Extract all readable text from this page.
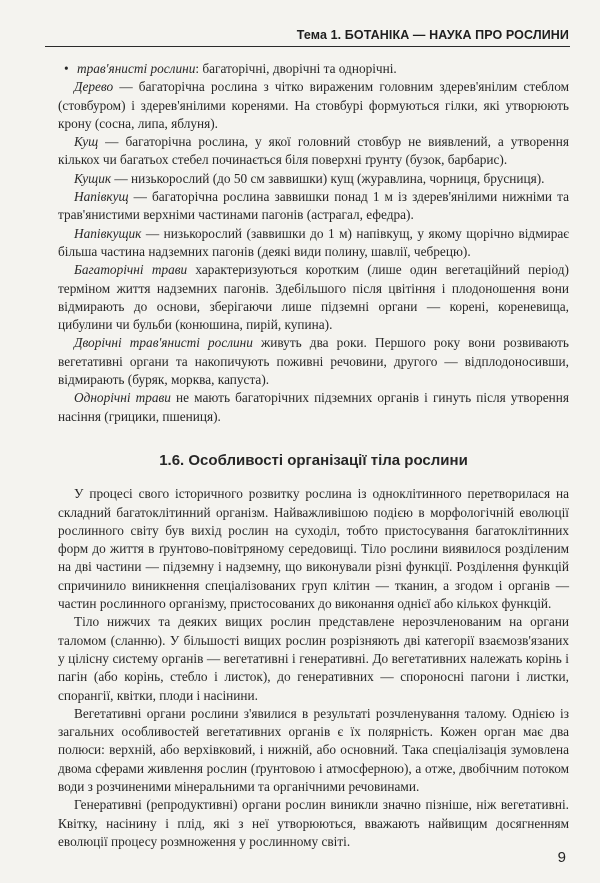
Тема 1. БОТАНІКА — НАУКА ПРО РОСЛИНИ

• трав'янисті рослини: багаторічні, дворічні та однорічні.

Дерево — багаторічна рослина з чітко вираженим головним здерев'янілим стеблом (стовбуром) і здерев'янілими коренями. На стовбурі формуються гілки, які утворюють крону (сосна, липа, яблуня).

Кущ — багаторічна рослина, у якої головний стовбур не виявлений, а утворення кількох чи багатьох стебел починається біля поверхні ґрунту (бузок, барбарис).

Кущик — низькорослий (до 50 см заввишки) кущ (журавлина, чорниця, брусниця).

Напівкущ — багаторічна рослина заввишки понад 1 м із здерев'янілими нижніми та трав'янистими верхніми частинами пагонів (астрагал, ефедра).

Напівкущик — низькорослий (заввишки до 1 м) напівкущ, у якому щорічно відмирає більша частина надземних пагонів (деякі види полину, шавлії, чебрецю).

Багаторічні трави характеризуються коротким (лише один вегетаційний період) терміном життя надземних пагонів. Здебільшого після цвітіння і плодоношення вони відмирають до основи, зберігаючи лише підземні органи — корені, кореневища, цибулини чи бульби (конюшина, пирій, купина).

Дворічні трав'янисті рослини живуть два роки. Першого року вони розвивають вегетативні органи та накопичують поживні речовини, другого — відплодоносивши, відмирають (буряк, морква, капуста).

Однорічні трави не мають багаторічних підземних органів і гинуть після утворення насіння (грицики, пшениця).

1.6. Особливості організації тіла рослини

У процесі свого історичного розвитку рослина із одноклітинного перетворилася на складний багатоклітинний організм. Найважливішою подією в морфологічній еволюції рослинного світу був вихід рослин на суходіл, тобто пристосування багатоклітинних форм до життя в ґрунтово-повітряному середовищі. Тіло рослини виявилося розділеним на дві частини — підземну і надземну, що виконували різні функції. Розділення функцій спричинило виникнення спеціалізованих груп клітин — тканин, а згодом і органів — частин рослинного організму, пристосованих до виконання однієї або кількох функцій.

Тіло нижчих та деяких вищих рослин представлене нерозчленованим на органи таломом (сланню). У більшості вищих рослин розрізняють дві категорії взаємозв'язаних у цілісну систему органів — вегетативні і генеративні. До вегетативних належать корінь і пагін (або корінь, стебло і листок), до генеративних — спороносні пагони і листки, спорангії, квітки, плоди і насінини.

Вегетативні органи рослини з'явилися в результаті розчленування талому. Однією із загальних особливостей вегетативних органів є їх полярність. Кожен орган має два полюси: верхній, або верхівковий, і нижній, або основний. Така спеціалізація зумовлена двома сферами живлення рослин (ґрунтовою і атмосферною), а отже, двобічним потоком води з розчиненими мінеральними та органічними речовинами.

Генеративні (репродуктивні) органи рослин виникли значно пізніше, ніж вегетативні. Квітку, насінину і плід, які з неї утворюються, вважають найвищим досягненням еволюції процесу розмноження у рослинному світі.

9
